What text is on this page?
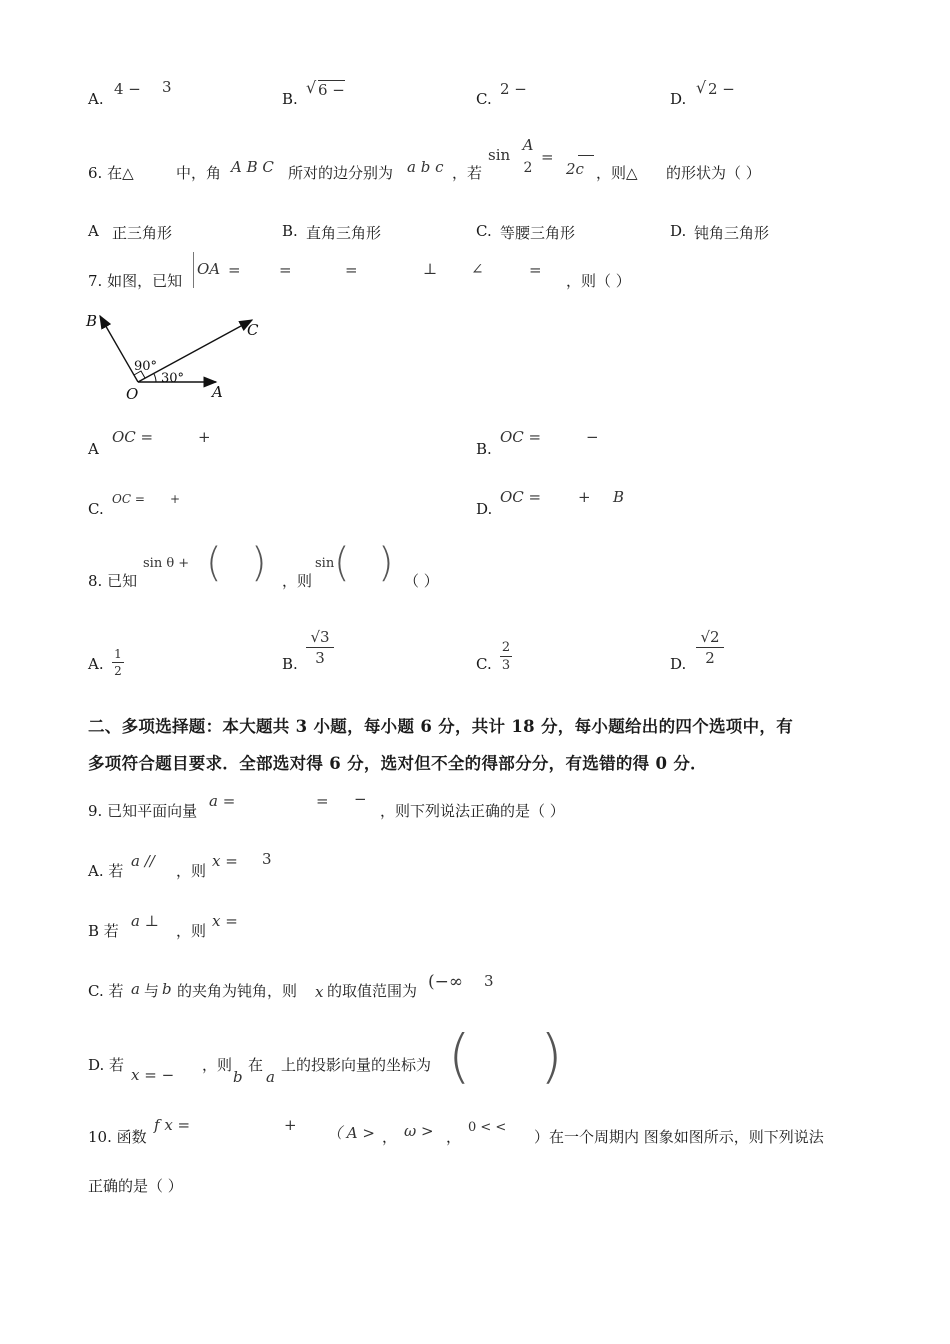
A.
4 − 3
B.
√ 6 −	C.
2 −
D.
√ 2 −
6. 在△	中，角 A B C 所对的边分别为 a b c ，若
sin
A
2
=
2c ，则△ 的形状为（ ）
A 正三角形	B. 直角三角形	C. 等腰三角形	D. 钝角三角形
7. 如图，已知
OA =	=	=	⊥ ∠	=
，则（ ）
B	C
O	A
90°
30°
A
OC =	+
B.
OC =	−
C.
OC = +
D.
OC = + B
8. 已知
sin θ + ( ) ，则
sin ( ) （ ）
A.
1
2	B.
√3
3	C.
2
3	D.
√2
2
二、多项选择题：本大题共 3 小题，每小题 6 分，共计 18 分，每小题给出的四个选项中，有
多项符合题目要求．全部选对得 6 分，选对但不全的得部分分，有选错的得 0 分．
9. 已知平面向量
a =	= −
，则下列说法正确的是（ ）
A. 若
a //
，则
x = 3
B 若
a ⊥
，则
x =
C. 若 a 与 b 的夹角为钝角，则 x 的取值范围为 (−∞ 3
D. 若
x = −
，则
b
在
a
上的投影向量的坐标为 ( )
10. 函数
f x =	+ （ A > ， ω > ，
0 < <
）在一个周期内 图象如图所示，则下列说法
正确的是（ ）
